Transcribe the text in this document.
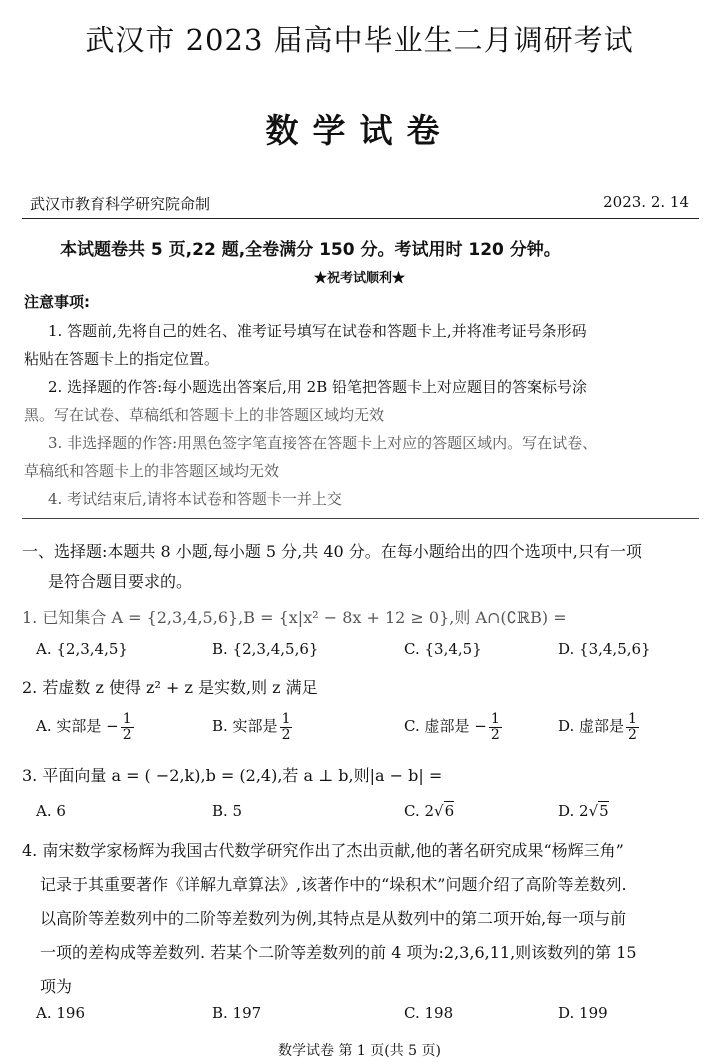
武汉市 2023 届高中毕业生二月调研考试
数学试卷
武汉市教育科学研究院命制	2023. 2. 14
本试题卷共 5 页,22 题,全卷满分 150 分。考试用时 120 分钟。
★祝考试顺利★
注意事项:
1. 答题前,先将自己的姓名、准考证号填写在试卷和答题卡上,并将准考证号条形码
粘贴在答题卡上的指定位置。
2. 选择题的作答:每小题选出答案后,用 2B 铅笔把答题卡上对应题目的答案标号涂
黑。写在试卷、草稿纸和答题卡上的非答题区域均无效
3. 非选择题的作答:用黑色签字笔直接答在答题卡上对应的答题区域内。写在试卷、
草稿纸和答题卡上的非答题区域均无效
4. 考试结束后,请将本试卷和答题卡一并上交
一、选择题:本题共 8 小题,每小题 5 分,共 40 分。在每小题给出的四个选项中,只有一项
是符合题目要求的。
1. 已知集合 A = {2,3,4,5,6},B = {x|x² − 8x + 12 ≥ 0},则 A∩(∁ℝB) =
A. {2,3,4,5}	B. {2,3,4,5,6}	C. {3,4,5}	D. {3,4,5,6}
2. 若虚数 z 使得 z² + z 是实数,则 z 满足
A. 实部是 − $\frac{1}{2}$	B. 实部是 $\frac{1}{2}$	C. 虚部是 − $\frac{1}{2}$	D. 虚部是 $\frac{1}{2}$
3. 平面向量 a = ( −2,k),b = (2,4),若 a ⊥ b,则|a − b| =
A. 6	B. 5	C. 2√6	D. 2√5
4. 南宋数学家杨辉为我国古代数学研究作出了杰出贡献,他的著名研究成果“杨辉三角”
记录于其重要著作《详解九章算法》,该著作中的“垛积术”问题介绍了高阶等差数列.
以高阶等差数列中的二阶等差数列为例,其特点是从数列中的第二项开始,每一项与前
一项的差构成等差数列. 若某个二阶等差数列的前 4 项为:2,3,6,11,则该数列的第 15
项为
A. 196	B. 197	C. 198	D. 199
数学试卷 第 1 页(共 5 页)
